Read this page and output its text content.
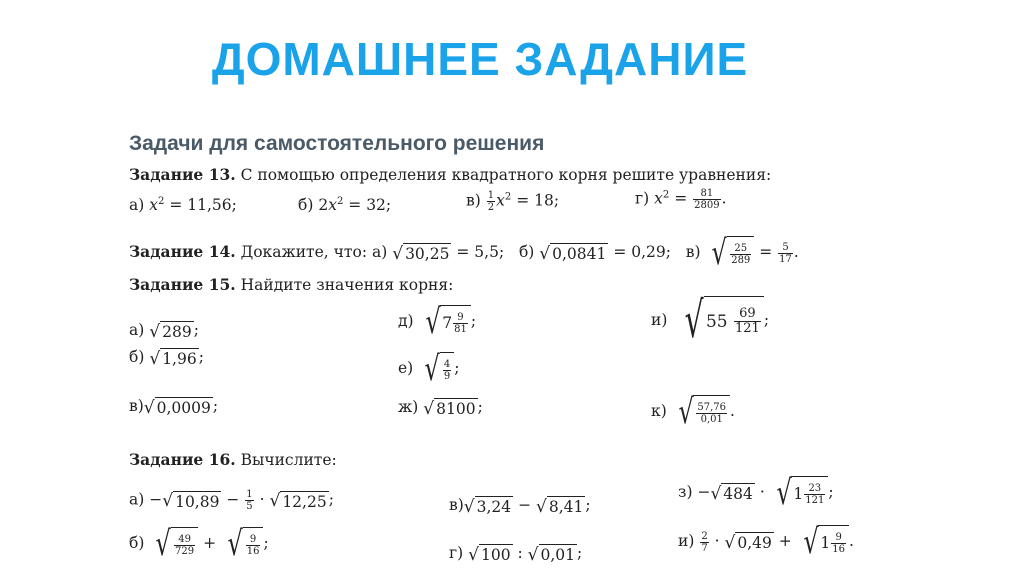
ДОМАШНЕЕ ЗАДАНИЕ
Задачи для самостоятельного решения
Задание 13. С помощью определения квадратного корня решите уравнения:
а) $x^2 = 11,56$;	б) $2x^2 = 32$;	$в) \frac{1}{2} x^2 = 18$;	г) $x^2 = \frac{81}{2809}$ .
Задание 14. Докажите, что: а) √ 30,25 = 5,5; б) √ 0,0841 = 0,29; в) √ $\frac{25}{289} = \frac{5}{17}$ .
Задание 15. Найдите значения корня:
а) √ 289 ;
б) √ 1,96 ;
в) √ 0,0009 ;
д) √ $7 \frac{9}{81}$ ;
е) √ $\frac{4}{9}$ ;
ж) √ 8100 ;
и) √ 55
$\frac{69}{121}$ ;
к) √ $\frac{57,76}{0,01}$ .
Задание 16. Вычислите:
а) − √ $10,89 - \frac{1}{5}$ · √ 12,25 ;
б) √ $\frac{49}{729}$ + √ $\frac{9}{16}$ ;
в) √ 3,24 − √ 8,41 ;
г) √ 100 : √ 0,01 ;
з) − √ 484 · √ $1 \frac{23}{121}$ ;
$и) \frac{2}{7}$ · √ 0,49 + √ $1 \frac{9}{16}$ .
